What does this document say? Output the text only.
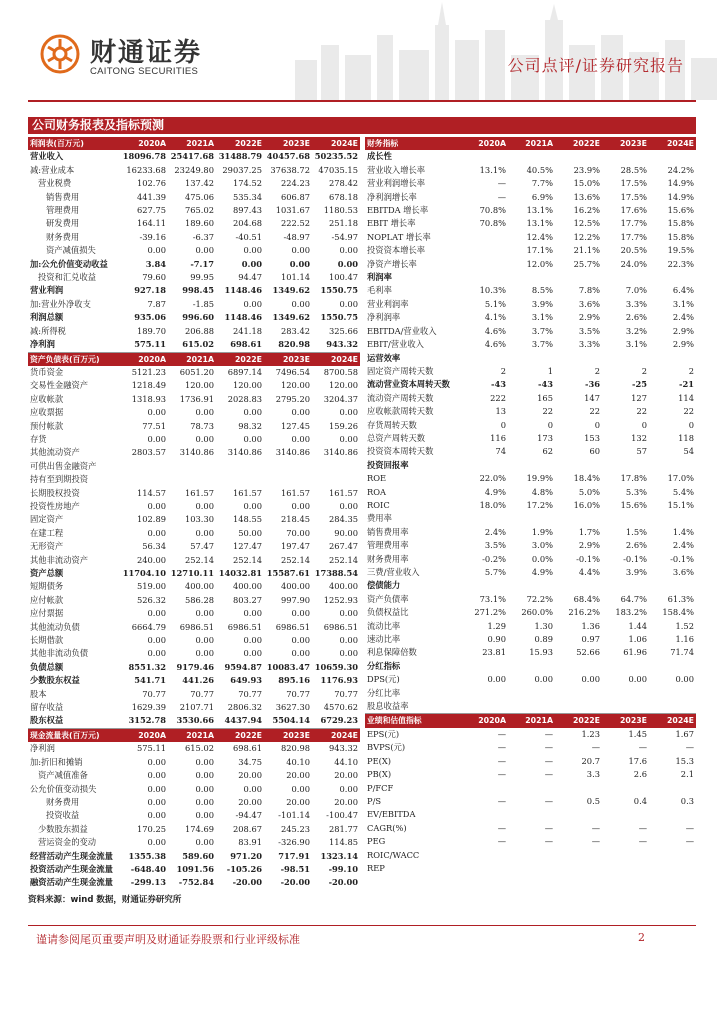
财通证券
CAITONG SECURITIES	公司点评/证券研究报告
公司财务报表及指标预测
利润表(百万元)	2020A	2021A	2022E	2023E	2024E
营业收入	18096.78	25417.68	31488.79	40457.68	50235.52
减:营业成本	16233.68	23249.80	29037.25	37638.72	47035.15
营业税费	102.76	137.42	174.52	224.23	278.42
销售费用	441.39	475.06	535.34	606.87	678.18
管理费用	627.75	765.02	897.43	1031.67	1180.53
研发费用	164.11	189.60	204.68	222.52	251.18
财务费用	-39.16	-6.37	-40.51	-48.97	-54.97
资产减值损失	0.00	0.00	0.00	0.00	0.00
加:公允价值变动收益	3.84	-7.17	0.00	0.00	0.00
投资和汇兑收益	79.60	99.95	94.47	101.14	100.47
营业利润	927.18	998.45	1148.46	1349.62	1550.75
加:营业外净收支	7.87	-1.85	0.00	0.00	0.00
利润总额	935.06	996.60	1148.46	1349.62	1550.75
减:所得税	189.70	206.88	241.18	283.42	325.66
净利润	575.11	615.02	698.61	820.98	943.32
资产负债表(百万元)	2020A	2021A	2022E	2023E	2024E
货币资金	5121.23	6051.20	6897.14	7496.54	8700.58
交易性金融资产	1218.49	120.00	120.00	120.00	120.00
应收帐款	1318.93	1736.91	2028.83	2795.20	3204.37
应收票据	0.00	0.00	0.00	0.00	0.00
预付帐款	77.51	78.73	98.32	127.45	159.26
存货	0.00	0.00	0.00	0.00	0.00
其他流动资产	2803.57	3140.86	3140.86	3140.86	3140.86
可供出售金融资产					
持有至到期投资					
长期股权投资	114.57	161.57	161.57	161.57	161.57
投资性房地产	0.00	0.00	0.00	0.00	0.00
固定资产	102.89	103.30	148.55	218.45	284.35
在建工程	0.00	0.00	50.00	70.00	90.00
无形资产	56.34	57.47	127.47	197.47	267.47
其他非流动资产	240.00	252.14	252.14	252.14	252.14
资产总额	11704.10	12710.11	14032.81	15587.61	17388.54
短期债务	519.00	400.00	400.00	400.00	400.00
应付帐款	526.32	586.28	803.27	997.90	1252.93
应付票据	0.00	0.00	0.00	0.00	0.00
其他流动负债	6664.79	6986.51	6986.51	6986.51	6986.51
长期借款	0.00	0.00	0.00	0.00	0.00
其他非流动负债	0.00	0.00	0.00	0.00	0.00
负债总额	8551.32	9179.46	9594.87	10083.47	10659.30
少数股东权益	541.71	441.26	649.93	895.16	1176.93
股本	70.77	70.77	70.77	70.77	70.77
留存收益	1629.39	2107.71	2806.32	3627.30	4570.62
股东权益	3152.78	3530.66	4437.94	5504.14	6729.23
现金流量表(百万元)	2020A	2021A	2022E	2023E	2024E
净利润	575.11	615.02	698.61	820.98	943.32
加:折旧和摊销	0.00	0.00	34.75	40.10	44.10
资产减值准备	0.00	0.00	20.00	20.00	20.00
公允价值变动损失	0.00	0.00	0.00	0.00	0.00
财务费用	0.00	0.00	20.00	20.00	20.00
投资收益	0.00	0.00	-94.47	-101.14	-100.47
少数股东损益	170.25	174.69	208.67	245.23	281.77
营运资金的变动	0.00	0.00	83.91	-326.90	114.85
经营活动产生现金流量	1355.38	589.60	971.20	717.91	1323.14
投资活动产生现金流量	-648.40	1091.56	-105.26	-98.51	-99.10
融资活动产生现金流量	-299.13	-752.84	-20.00	-20.00	-20.00
财务指标	2020A	2021A	2022E	2023E	2024E
成长性					
营业收入增长率	13.1%	40.5%	23.9%	28.5%	24.2%
营业利润增长率	—	7.7%	15.0%	17.5%	14.9%
净利润增长率	—	6.9%	13.6%	17.5%	14.9%
EBITDA 增长率	70.8%	13.1%	16.2%	17.6%	15.6%
EBIT 增长率	70.8%	13.1%	12.5%	17.7%	15.8%
NOPLAT 增长率		12.4%	12.2%	17.7%	15.8%
投资资本增长率		17.1%	21.1%	20.5%	19.5%
净资产增长率		12.0%	25.7%	24.0%	22.3%
利润率					
毛利率	10.3%	8.5%	7.8%	7.0%	6.4%
营业利润率	5.1%	3.9%	3.6%	3.3%	3.1%
净利润率	4.1%	3.1%	2.9%	2.6%	2.4%
EBITDA/营业收入	4.6%	3.7%	3.5%	3.2%	2.9%
EBIT/营业收入	4.6%	3.7%	3.3%	3.1%	2.9%
运营效率					
固定资产周转天数	2	1	2	2	2
流动营业资本周转天数	-43	-43	-36	-25	-21
流动资产周转天数	222	165	147	127	114
应收帐款周转天数	13	22	22	22	22
存货周转天数	0	0	0	0	0
总资产周转天数	116	173	153	132	118
投资资本周转天数	74	62	60	57	54
投资回报率					
ROE	22.0%	19.9%	18.4%	17.8%	17.0%
ROA	4.9%	4.8%	5.0%	5.3%	5.4%
ROIC	18.0%	17.2%	16.0%	15.6%	15.1%
费用率					
销售费用率	2.4%	1.9%	1.7%	1.5%	1.4%
管理费用率	3.5%	3.0%	2.9%	2.6%	2.4%
财务费用率	-0.2%	0.0%	-0.1%	-0.1%	-0.1%
三费/营业收入	5.7%	4.9%	4.4%	3.9%	3.6%
偿债能力					
资产负债率	73.1%	72.2%	68.4%	64.7%	61.3%
负债权益比	271.2%	260.0%	216.2%	183.2%	158.4%
流动比率	1.29	1.30	1.36	1.44	1.52
速动比率	0.90	0.89	0.97	1.06	1.16
利息保障倍数	23.81	15.93	52.66	61.96	71.74
分红指标					
DPS(元)	0.00	0.00	0.00	0.00	0.00
分红比率					
股息收益率					
业绩和估值指标	2020A	2021A	2022E	2023E	2024E
EPS(元)	—	—	1.23	1.45	1.67
BVPS(元)	—	—	—	—	—
PE(X)	—	—	20.7	17.6	15.3
PB(X)	—	—	3.3	2.6	2.1
P/FCF					
P/S	—	—	0.5	0.4	0.3
EV/EBITDA					
CAGR(%)	—	—	—	—	—
PEG	—	—	—	—	—
ROIC/WACC					
REP					
资料来源：wind 数据，财通证券研究所
谨请参阅尾页重要声明及财通证券股票和行业评级标准	2
